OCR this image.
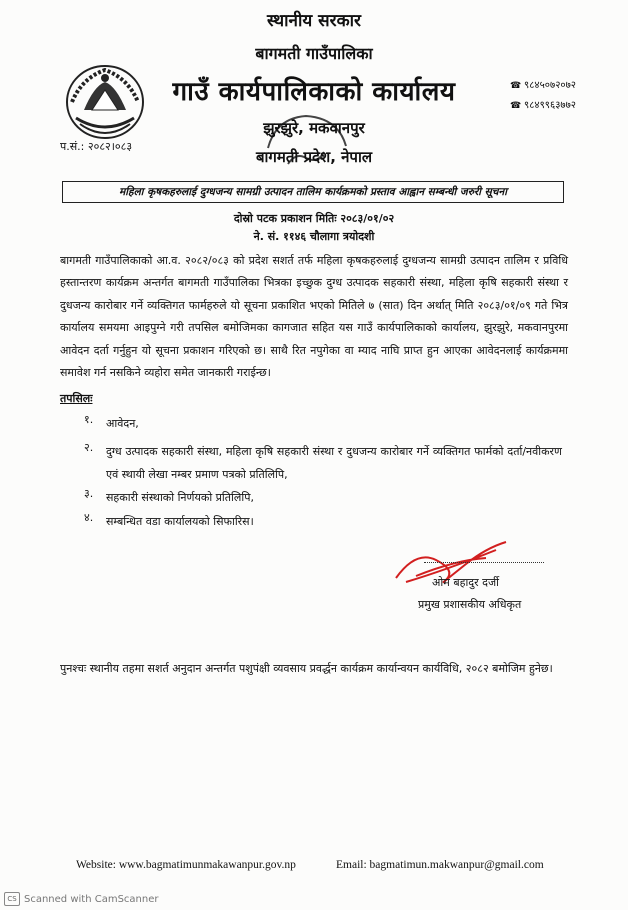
स्थानीय सरकार
बागमती गाउँपालिका
गाउँ कार्यपालिकाको कार्यालय	☎ ९८४५०७२०७२
☎ ९८४९९६३७७२
झुरझुरे, मकवानपुर
बागमती प्रदेश, नेपाल
प.सं.: २०८२।०८३
महिला कृषकहरुलाई दुग्धजन्य सामग्री उत्पादन तालिम कार्यक्रमको प्रस्ताव आह्वान सम्बन्धी जरुरी सूचना
दोस्रो पटक प्रकाशन मितिः २०८३/०१/०२
ने. सं. ११४६ चौलागा त्रयोदशी
बागमती गाउँपालिकाको आ.व. २०८२/०८३ को प्रदेश सशर्त तर्फ महिला कृषकहरुलाई दुग्धजन्य सामग्री उत्पादन तालिम र प्रविधि हस्तान्तरण कार्यक्रम अन्तर्गत बागमती गाउँपालिका भित्रका इच्छुक दुग्ध उत्पादक सहकारी संस्था, महिला कृषि सहकारी संस्था र दुधजन्य कारोबार गर्ने व्यक्तिगत फार्महरुले यो सूचना प्रकाशित भएको मितिले ७ (सात) दिन अर्थात् मिति २०८३/०१/०९ गते भित्र कार्यालय समयमा आइपुग्ने गरी तपसिल बमोजिमका कागजात सहित यस गाउँ कार्यपालिकाको कार्यालय, झुरझुरे, मकवानपुरमा आवेदन दर्ता गर्नुहुन यो सूचना प्रकाशन गरिएको छ। साथै रित नपुगेका वा म्याद नाघि प्राप्त हुन आएका आवेदनलाई कार्यक्रममा समावेश गर्न नसकिने व्यहोरा समेत जानकारी गराईन्छ।
तपसिलः
१.	आवेदन,
२.	दुग्ध उत्पादक सहकारी संस्था, महिला कृषि सहकारी संस्था र दुधजन्य कारोबार गर्ने व्यक्तिगत फार्मको दर्ता/नवीकरण एवं स्थायी लेखा नम्बर प्रमाण पत्रको प्रतिलिपि,
३.	सहकारी संस्थाको निर्णयको प्रतिलिपि,
४.	सम्बन्धित वडा कार्यालयको सिफारिस।
ओम बहादुर दर्जी
प्रमुख प्रशासकीय अधिकृत
पुनश्चः स्थानीय तहमा सशर्त अनुदान अन्तर्गत पशुपंक्षी व्यवसाय प्रवर्द्धन कार्यक्रम कार्यान्वयन कार्यविधि, २०८२ बमोजिम हुनेछ।
Website: www.bagmatimunmakawanpur.gov.np	Email: bagmatimun.makwanpur@gmail.com
CS Scanned with CamScanner
